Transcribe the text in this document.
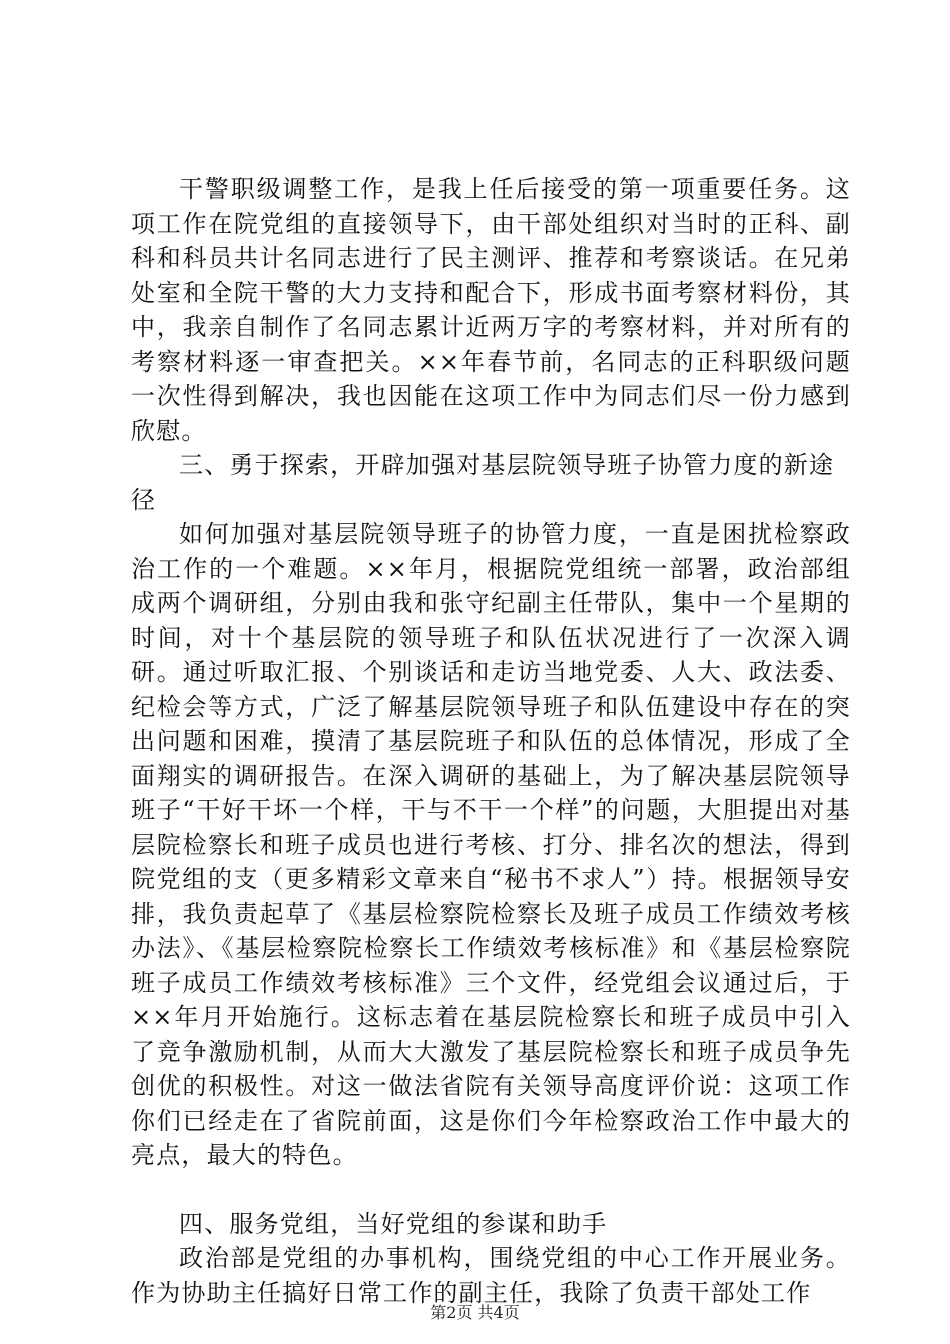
干警职级调整工作，是我上任后接受的第一项重要任务。这项工作在院党组的直接领导下，由干部处组织对当时的正科、副科和科员共计名同志进行了民主测评、推荐和考察谈话。在兄弟处室和全院干警的大力支持和配合下，形成书面考察材料份，其中，我亲自制作了名同志累计近两万字的考察材料，并对所有的考察材料逐一审查把关。××年春节前，名同志的正科职级问题一次性得到解决，我也因能在这项工作中为同志们尽一份力感到欣慰。

三、勇于探索，开辟加强对基层院领导班子协管力度的新途径

如何加强对基层院领导班子的协管力度，一直是困扰检察政治工作的一个难题。××年月，根据院党组统一部署，政治部组成两个调研组，分别由我和张守纪副主任带队，集中一个星期的时间，对十个基层院的领导班子和队伍状况进行了一次深入调研。通过听取汇报、个别谈话和走访当地党委、人大、政法委、纪检会等方式，广泛了解基层院领导班子和队伍建设中存在的突出问题和困难，摸清了基层院班子和队伍的总体情况，形成了全面翔实的调研报告。在深入调研的基础上，为了解决基层院领导班子“干好干坏一个样，干与不干一个样”的问题，大胆提出对基层院检察长和班子成员也进行考核、打分、排名次的想法，得到院党组的支（更多精彩文章来自“秘书不求人”）持。根据领导安排，我负责起草了《基层检察院检察长及班子成员工作绩效考核办法》、《基层检察院检察长工作绩效考核标准》和《基层检察院班子成员工作绩效考核标准》三个文件，经党组会议通过后，于××年月开始施行。这标志着在基层院检察长和班子成员中引入了竞争激励机制，从而大大激发了基层院检察长和班子成员争先创优的积极性。对这一做法省院有关领导高度评价说：这项工作你们已经走在了省院前面，这是你们今年检察政治工作中最大的亮点，最大的特色。

四、服务党组，当好党组的参谋和助手

政治部是党组的办事机构，围绕党组的中心工作开展业务。作为协助主任搞好日常工作的副主任，我除了负责干部处工作

第2页 共4页
